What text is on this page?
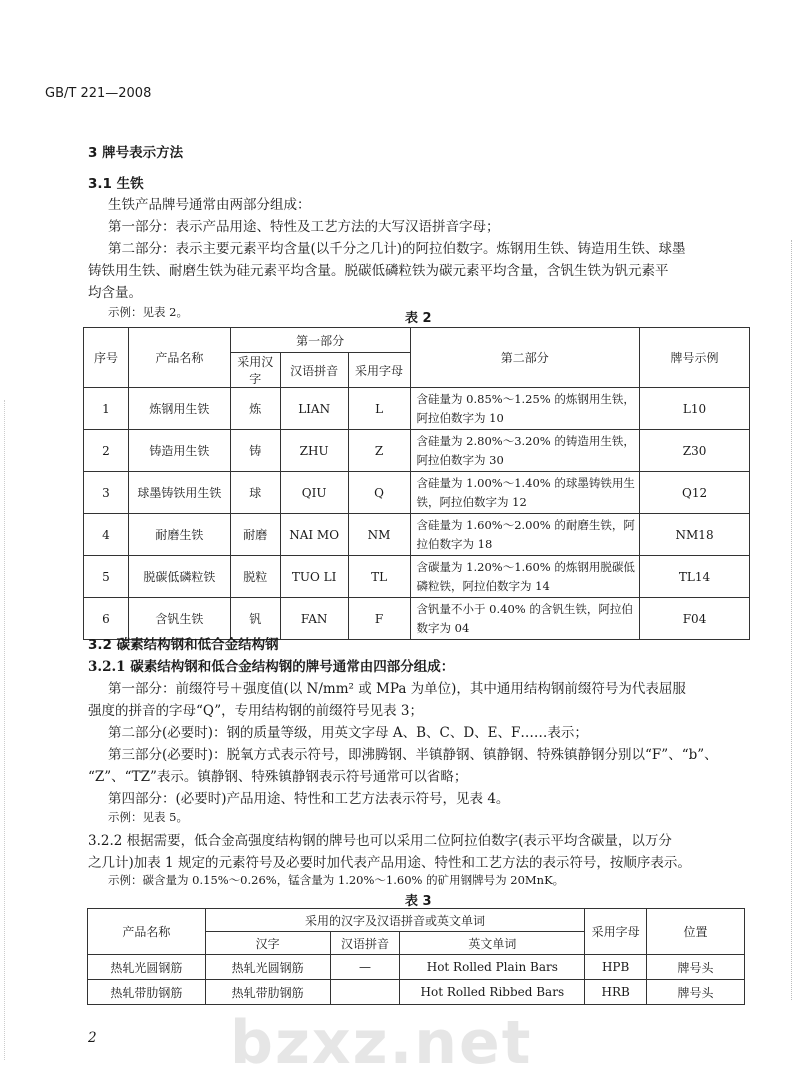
GB/T 221—2008
3 牌号表示方法
3.1 生铁
生铁产品牌号通常由两部分组成：
第一部分：表示产品用途、特性及工艺方法的大写汉语拼音字母；
第二部分：表示主要元素平均含量(以千分之几计)的阿拉伯数字。炼钢用生铁、铸造用生铁、球墨
铸铁用生铁、耐磨生铁为硅元素平均含量。脱碳低磷粒铁为碳元素平均含量，含钒生铁为钒元素平
均含量。
示例：见表 2。	表 2
序号	产品名称	第一部分			第二部分	牌号示例
		采用汉字	汉语拼音	采用字母		
1	炼钢用生铁	炼	LIAN	L	含硅量为 0.85%～1.25% 的炼钢用生铁，阿拉伯数字为 10	L10
2	铸造用生铁	铸	ZHU	Z	含硅量为 2.80%～3.20% 的铸造用生铁，阿拉伯数字为 30	Z30
3	球墨铸铁用生铁	球	QIU	Q	含硅量为 1.00%～1.40% 的球墨铸铁用生铁，阿拉伯数字为 12	Q12
4	耐磨生铁	耐磨	NAI MO	NM	含硅量为 1.60%～2.00% 的耐磨生铁，阿拉伯数字为 18	NM18
5	脱碳低磷粒铁	脱粒	TUO LI	TL	含碳量为 1.20%～1.60% 的炼钢用脱碳低磷粒铁，阿拉伯数字为 14	TL14
6	含钒生铁	钒	FAN	F	含钒量不小于 0.40% 的含钒生铁，阿拉伯数字为 04	F04
3.2 碳素结构钢和低合金结构钢
3.2.1 碳素结构钢和低合金结构钢的牌号通常由四部分组成：
第一部分：前缀符号＋强度值(以 N/mm² 或 MPa 为单位)，其中通用结构钢前缀符号为代表屈服
强度的拼音的字母“Q”，专用结构钢的前缀符号见表 3；
第二部分(必要时)：钢的质量等级，用英文字母 A、B、C、D、E、F……表示；
第三部分(必要时)：脱氧方式表示符号，即沸腾钢、半镇静钢、镇静钢、特殊镇静钢分别以“F”、“b”、
“Z”、“TZ”表示。镇静钢、特殊镇静钢表示符号通常可以省略；
第四部分：(必要时)产品用途、特性和工艺方法表示符号，见表 4。
示例：见表 5。
3.2.2 根据需要，低合金高强度结构钢的牌号也可以采用二位阿拉伯数字(表示平均含碳量，以万分
之几计)加表 1 规定的元素符号及必要时加代表产品用途、特性和工艺方法的表示符号，按顺序表示。
示例：碳含量为 0.15%～0.26%，锰含量为 1.20%～1.60% 的矿用钢牌号为 20MnK。
表 3
产品名称	采用的汉字及汉语拼音或英文单词			采用字母	位置
	汉字	汉语拼音	英文单词		
热轧光圆钢筋	热轧光圆钢筋	—	Hot Rolled Plain Bars	HPB	牌号头
热轧带肋钢筋	热轧带肋钢筋		Hot Rolled Ribbed Bars	HRB	牌号头
2 bzxz.net
